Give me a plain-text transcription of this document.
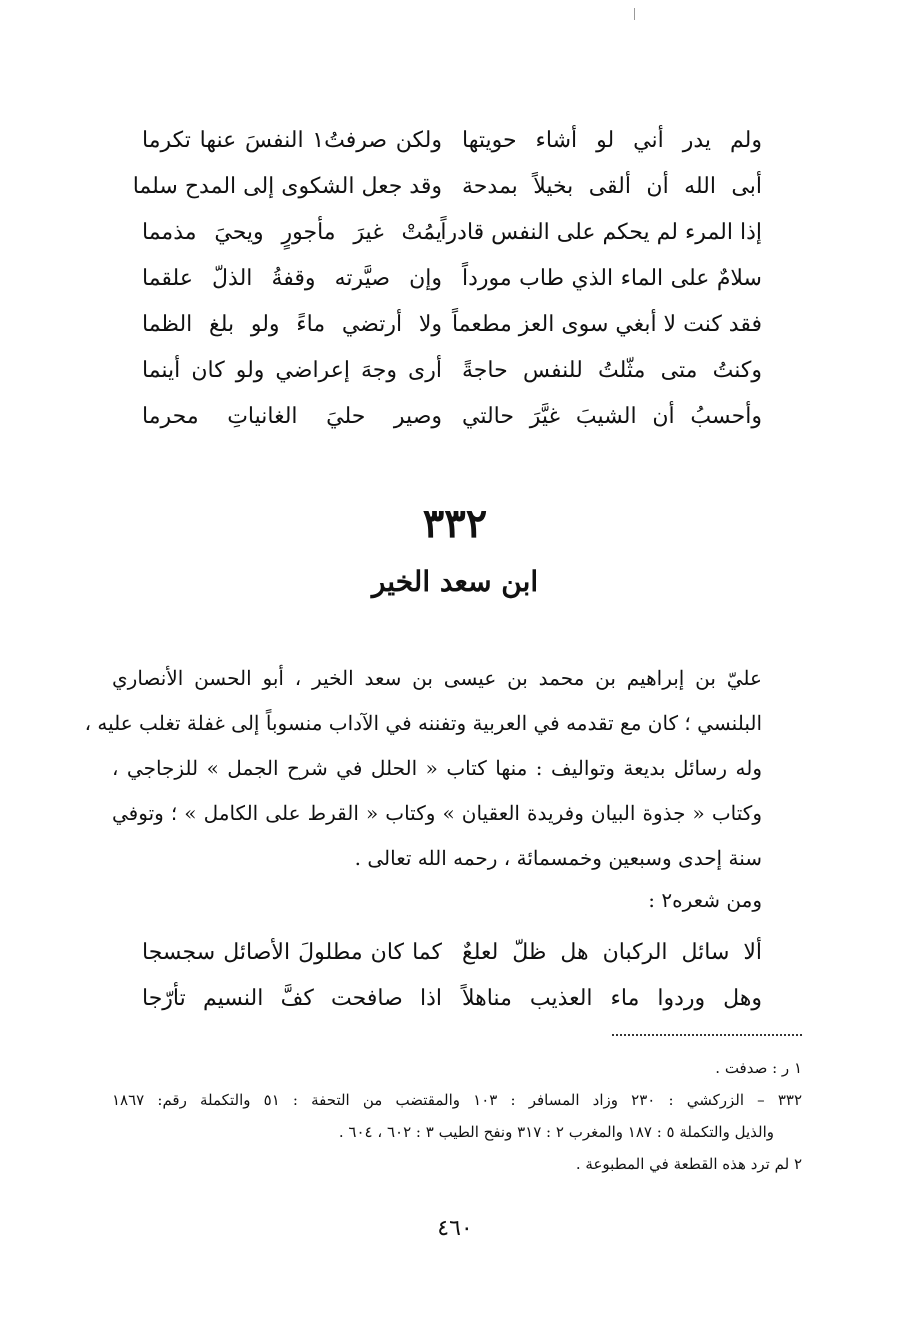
ولم يدر أني لو أشاء حويتها
ولكن صرفتُ١ النفسَ عنها تكرما
أبى الله أن ألقى بخيلاً بمدحة
وقد جعل الشكوى إلى المدح سلما
إذا المرء لم يحكم على النفس قادراً
يمُتْ غيرَ مأجورٍ ويحيَ مذمما
سلامٌ على الماء الذي طاب مورداً
وإن صيَّرته وقفةُ الذلّ علقما
فقد كنت لا أبغي سوى العز مطعماً
ولا أرتضي ماءً ولو بلغ الظما
وكنتُ متى مثّلتُ للنفس حاجةً
أرى وجهَ إعراضي ولو كان أينما
وأحسبُ أن الشيبَ غيَّرَ حالتي
وصير حليَ الغانياتِ محرما
٣٣٢
ابن سعد الخير
عليّ بن إبراهيم بن محمد بن عيسى بن سعد الخير ، أبو الحسن الأنصاري
البلنسي ؛ كان مع تقدمه في العربية وتفننه في الآداب منسوباً إلى غفلة تغلب عليه ،
وله رسائل بديعة وتواليف : منها كتاب « الحلل في شرح الجمل » للزجاجي ،
وكتاب « جذوة البيان وفريدة العقيان » وكتاب « القرط على الكامل » ؛ وتوفي
سنة إحدى وسبعين وخمسمائة ، رحمه الله تعالى .
ومن شعره٢ :
ألا سائل الركبان هل ظلّ لعلعٌ
كما كان مطلولَ الأصائل سجسجا
وهل وردوا ماء العذيب مناهلاً
اذا صافحت كفَّ النسيم تأرّجا
١ ر : صدفت .
٣٣٢ – الزركشي : ٢٣٠ وزاد المسافر : ١٠٣ والمقتضب من التحفة : ٥١ والتكملة رقم: ١٨٦٧
والذيل والتكملة ٥ : ١٨٧ والمغرب ٢ : ٣١٧ ونفح الطيب ٣ : ٦٠٢ ، ٦٠٤ .
٢ لم ترد هذه القطعة في المطبوعة .
٤٦٠
